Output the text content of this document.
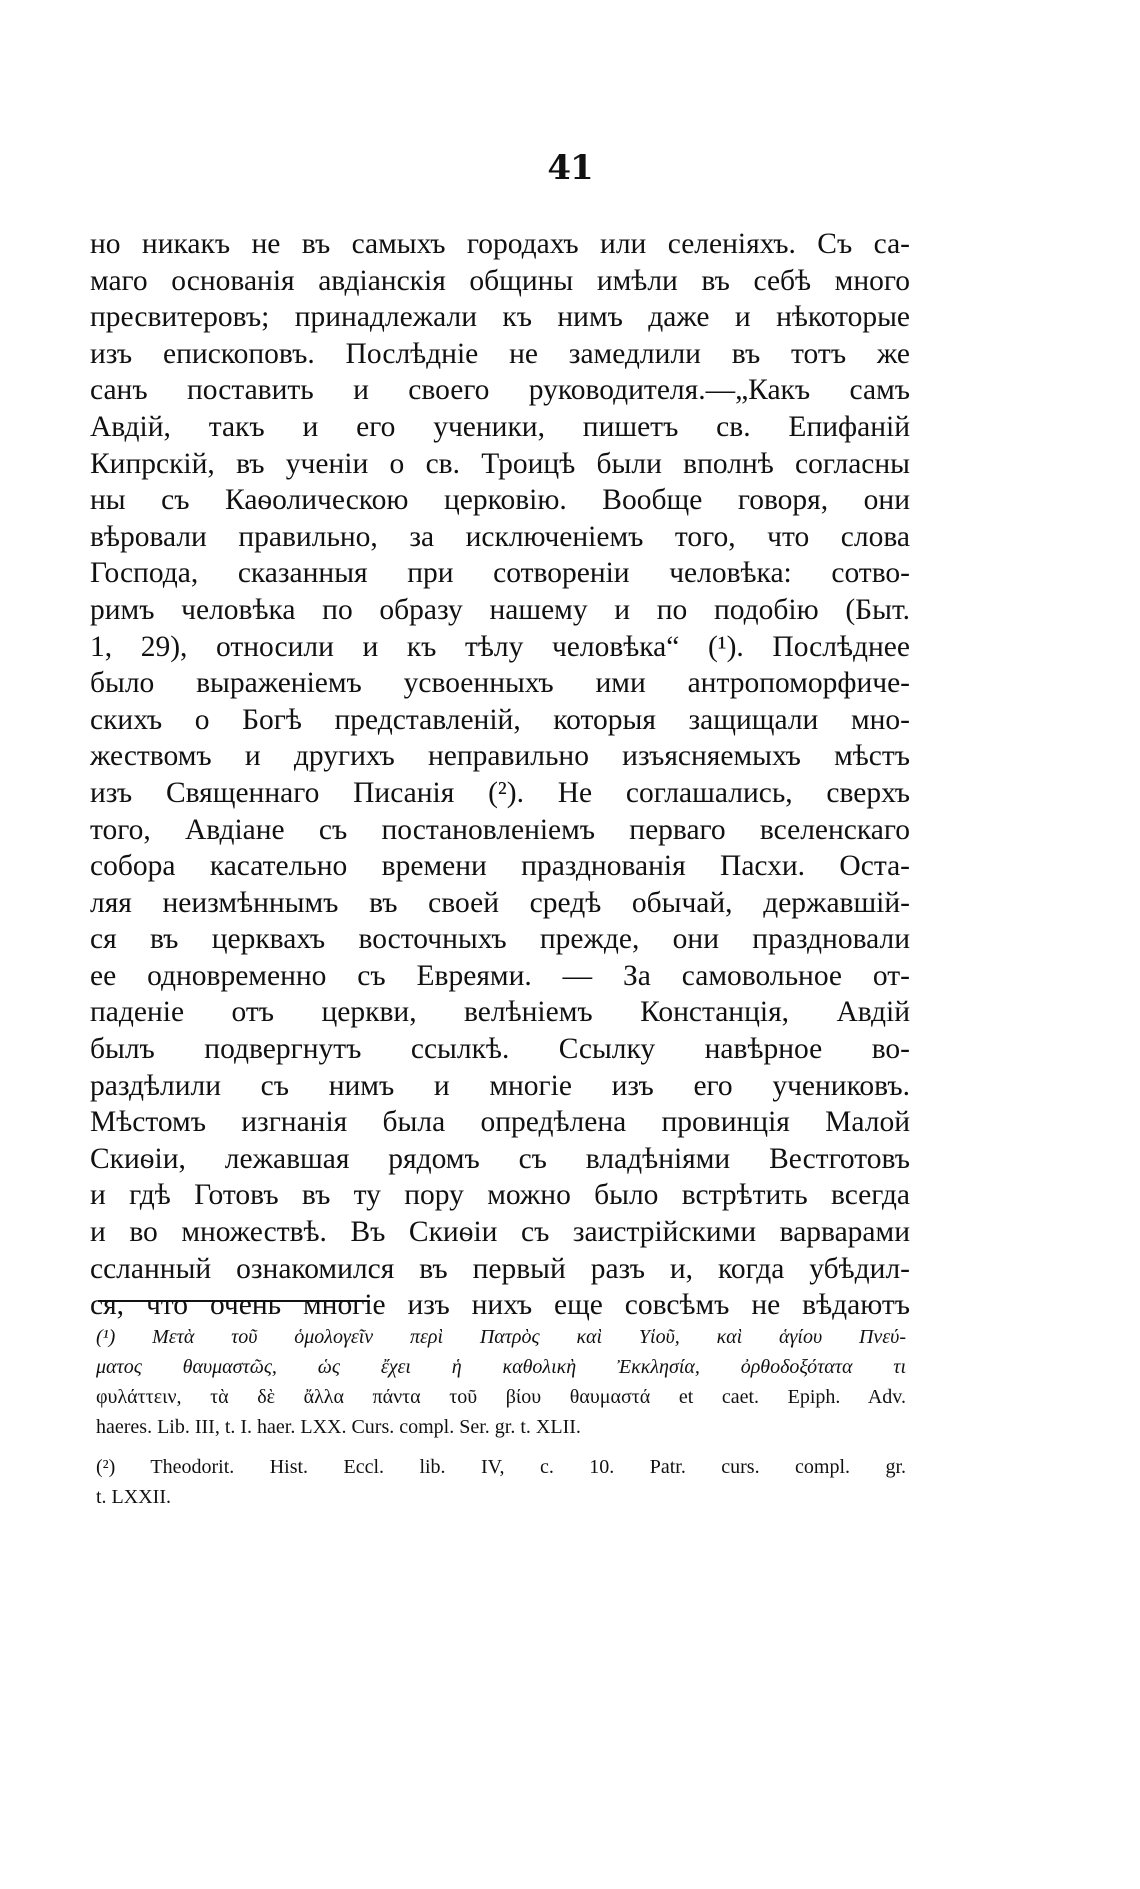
41
но никакъ не въ самыхъ городахъ или селеніяхъ. Съ са-
маго основанія авдіанскія общины имѣли въ себѣ много
пресвитеровъ; принадлежали къ нимъ даже и нѣкоторые
изъ епископовъ. Послѣдніе не замедлили въ тотъ же
санъ поставить и своего руководителя.—„Какъ самъ
Авдій, такъ и его ученики, пишетъ св. Епифаній
Кипрскій, въ ученіи о св. Троицѣ были вполнѣ согласны
ны съ Каѳолическою церковію. Вообще говоря, они
вѣровали правильно, за исключеніемъ того, что слова
Господа, сказанныя при сотвореніи человѣка: сотво-
римъ человѣка по образу нашему и по подобію (Быт.
1, 29), относили и къ тѣлу человѣка“ (¹). Послѣднее
было выраженіемъ усвоенныхъ ими антропоморфиче-
скихъ о Богѣ представленій, которыя защищали мно-
жествомъ и другихъ неправильно изъясняемыхъ мѣстъ
изъ Священнаго Писанія (²). Не соглашались, сверхъ
того, Авдіане съ постановленіемъ перваго вселенскаго
собора касательно времени празднованія Пасхи. Оста-
ляя неизмѣннымъ въ своей средѣ обычай, державшій-
ся въ церквахъ восточныхъ прежде, они праздновали
ее одновременно съ Евреями. — За самовольное от-
паденіе отъ церкви, велѣніемъ Констанція, Авдій
былъ подвергнутъ ссылкѣ. Ссылку навѣрное во-
раздѣлили съ нимъ и многіе изъ его учениковъ.
Мѣстомъ изгнанія была опредѣлена провинція Малой
Скиѳіи, лежавшая рядомъ съ владѣніями Вестготовъ
и гдѣ Готовъ въ ту пору можно было встрѣтить всегда
и во множествѣ. Въ Скиѳіи съ заистрійскими варварами
ссланный ознакомился въ первый разъ и, когда убѣдил-
ся, что очень многіе изъ нихъ еще совсѣмъ не вѣдаютъ
(¹) Μετὰ τοῦ ὁμολογεῖν περὶ Πατρὸς καὶ Υἱοῦ, καὶ ἁγίου Πνεύ-
ματος θαυμαστῶς, ὡς ἔχει ἡ καθολικὴ Ἐκκλησία, ὀρθοδοξότατα τι
φυλάττειν, τὰ δὲ ἄλλα πάντα τοῦ βίου θαυμαστά et caet. Epiph. Adv.
haeres. Lib. III, t. I. haer. LXX. Curs. compl. Ser. gr. t. XLII.
(²) Theodorit. Hist. Eccl. lib. IV, c. 10. Patr. curs. compl. gr.
t. LXXII.
